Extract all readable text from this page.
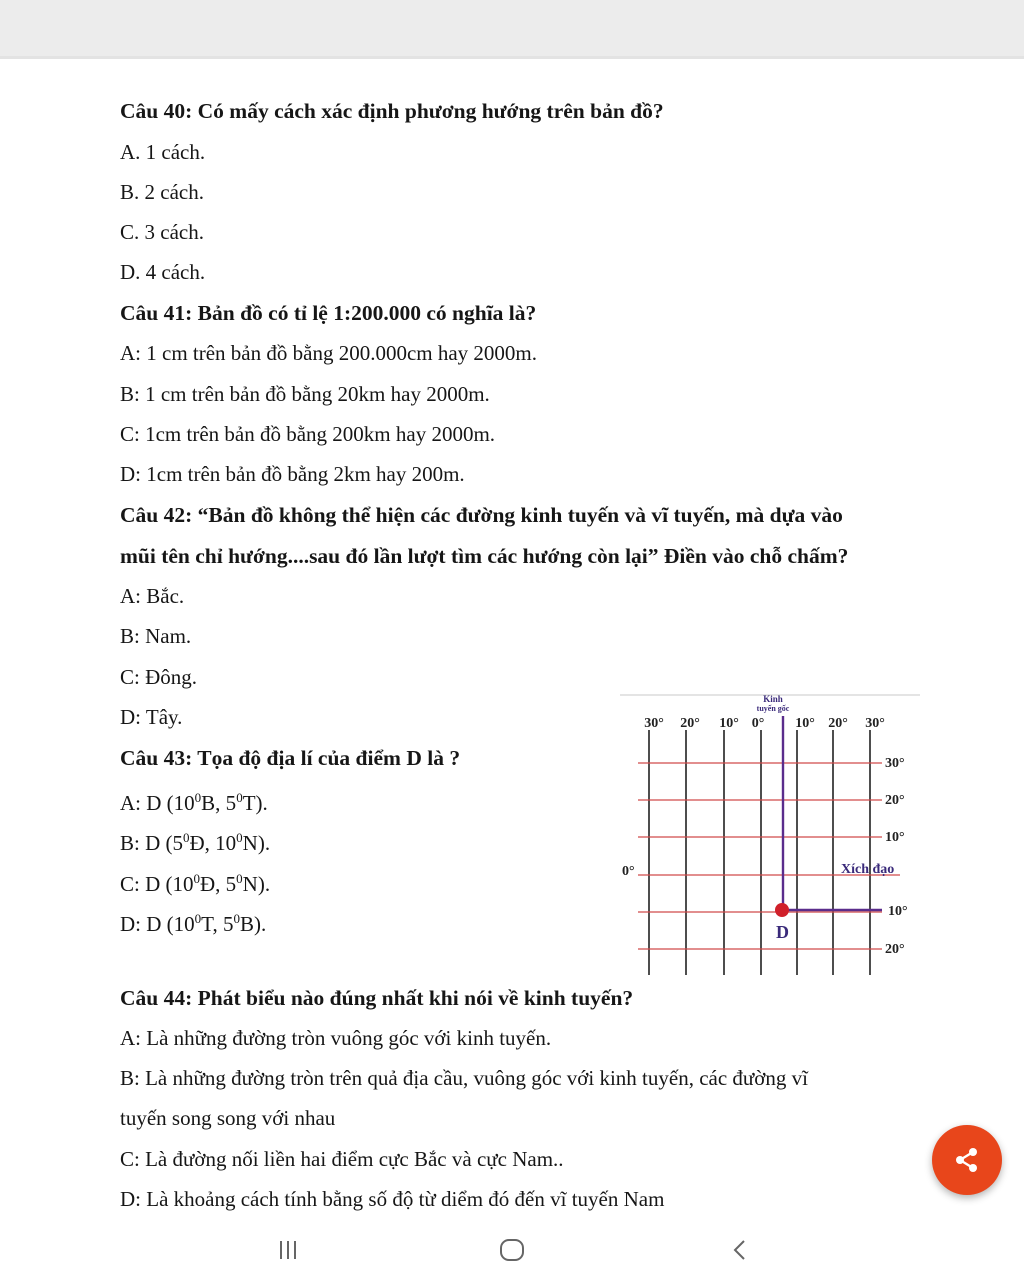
Câu 40: Có mấy cách xác định phương hướng trên bản đồ?
A. 1 cách.
B. 2 cách.
C. 3 cách.
D. 4 cách.
Câu 41: Bản đồ có tỉ lệ 1:200.000 có nghĩa là?
A: 1 cm trên bản đồ bằng 200.000cm hay 2000m.
B: 1 cm trên bản đồ bằng 20km hay 2000m.
C: 1cm trên bản đồ bằng 200km hay 2000m.
D: 1cm trên bản đồ bằng 2km hay 200m.
Câu 42: “Bản đồ không thể hiện các đường kinh tuyến và vĩ tuyến, mà dựa vào
mũi tên chỉ hướng....sau đó lần lượt tìm các hướng còn lại” Điền vào chỗ chấm?
A: Bắc.
B: Nam.
C: Đông.
D: Tây.
Câu 43: Tọa độ địa lí của điểm D là ?
A: D ($10^0B$, $5^0T$).
B: D ($5^0Đ$, $10^0N$).
C: D ($10^0Đ$, $5^0N$).
D: D ($10^0T$, $5^0B$).
Kinh
tuyến gốc
30° 20° 10° 0° 10° 20° 30°
30°
20°
10°
10°
20°
0°	Xích đạo
D
Câu 44: Phát biểu nào đúng nhất khi nói về kinh tuyến?
A: Là những đường tròn vuông góc với kinh tuyến.
B: Là những đường tròn trên quả địa cầu, vuông góc với kinh tuyến, các đường vĩ
tuyến song song với nhau
C: Là đường nối liền hai điểm cực Bắc và cực Nam..
D: Là khoảng cách tính bằng số độ từ diểm đó đến vĩ tuyến Nam
